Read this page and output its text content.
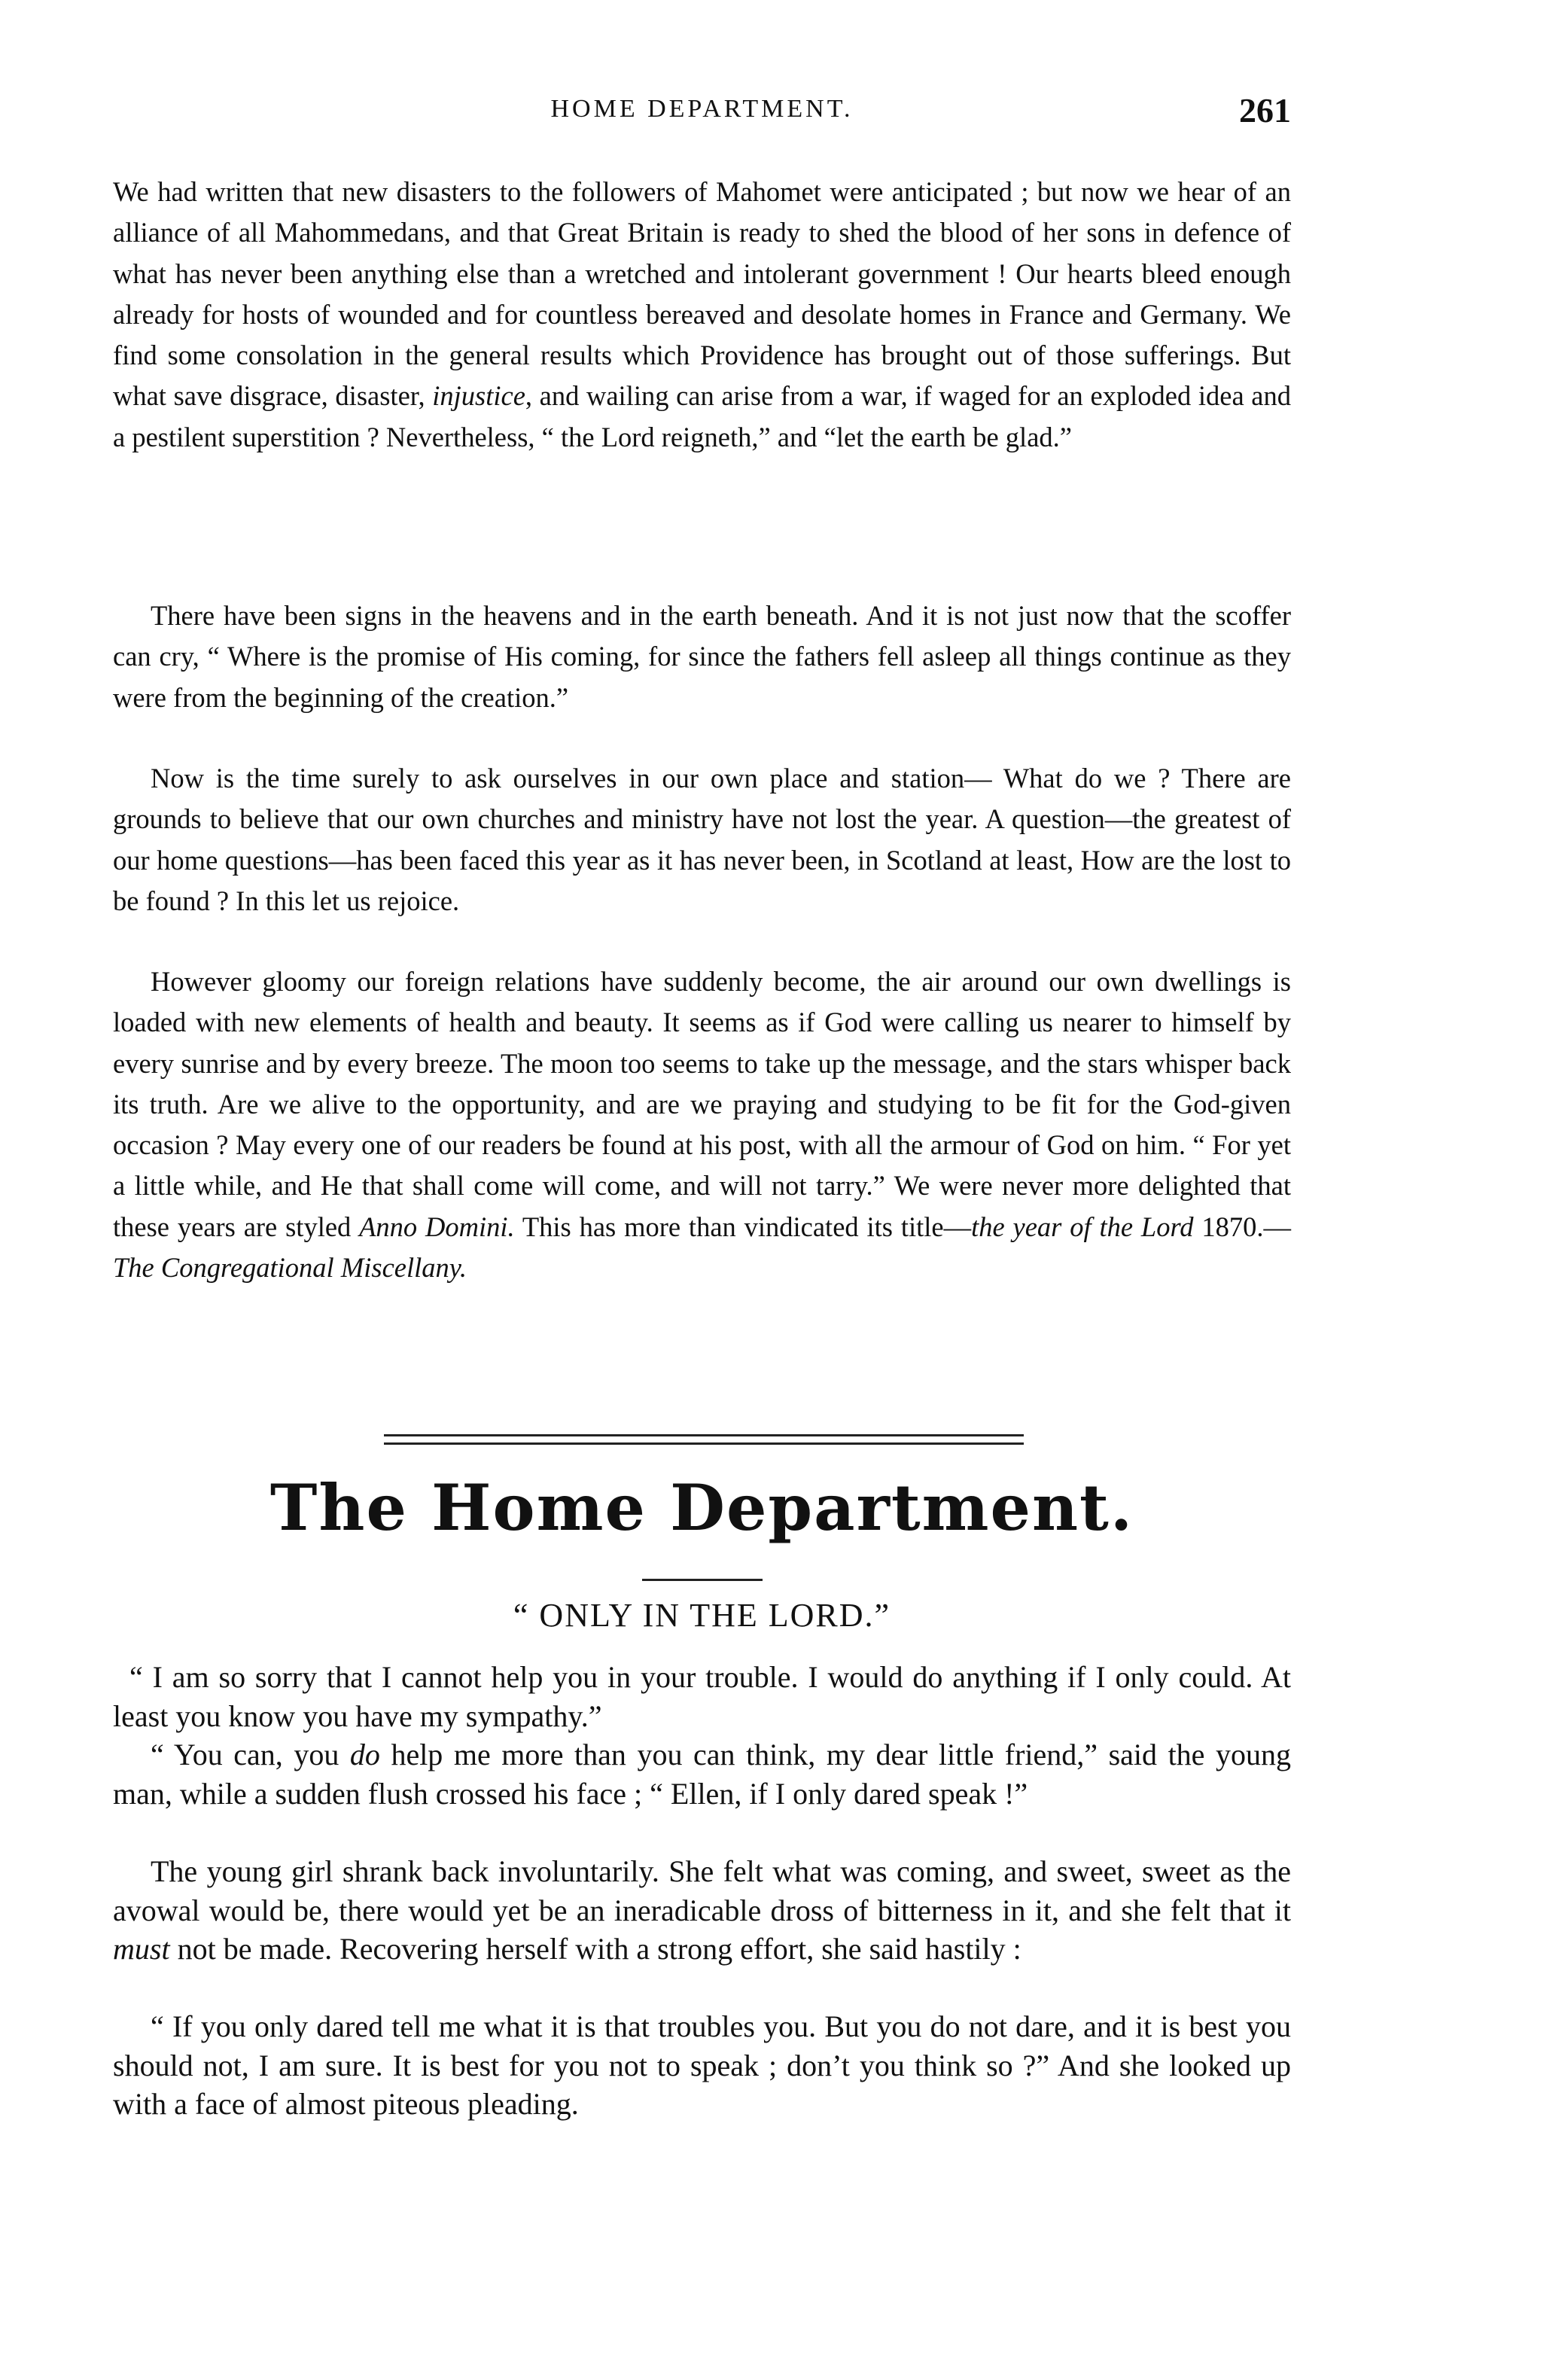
HOME DEPARTMENT.	261

We had written that new disasters to the followers of Mahomet were anticipated ; but now we hear of an alliance of all Mahommedans, and that Great Britain is ready to shed the blood of her sons in defence of what has never been anything else than a wretched and intolerant government ! Our hearts bleed enough already for hosts of wounded and for countless bereaved and desolate homes in France and Germany. We find some consolation in the general results which Providence has brought out of those sufferings. But what save disgrace, disaster, injustice, and wailing can arise from a war, if waged for an exploded idea and a pestilent superstition ? Nevertheless, “ the Lord reigneth,” and “let the earth be glad.”

There have been signs in the heavens and in the earth beneath. And it is not just now that the scoffer can cry, “ Where is the promise of His coming, for since the fathers fell asleep all things continue as they were from the beginning of the creation.”

Now is the time surely to ask ourselves in our own place and station— What do we ? There are grounds to believe that our own churches and ministry have not lost the year. A question—the greatest of our home questions—has been faced this year as it has never been, in Scotland at least, How are the lost to be found ? In this let us rejoice.

However gloomy our foreign relations have suddenly become, the air around our own dwellings is loaded with new elements of health and beauty. It seems as if God were calling us nearer to himself by every sunrise and by every breeze. The moon too seems to take up the message, and the stars whisper back its truth. Are we alive to the opportunity, and are we praying and studying to be fit for the God-given occasion ? May every one of our readers be found at his post, with all the armour of God on him. “ For yet a little while, and He that shall come will come, and will not tarry.” We were never more delighted that these years are styled Anno Domini. This has more than vindicated its title—the year of the Lord 1870.—The Congregational Miscellany.

The Home Department.
“ ONLY IN THE LORD.”

“ I am so sorry that I cannot help you in your trouble. I would do anything if I only could. At least you know you have my sympathy.”

“ You can, you do help me more than you can think, my dear little friend,” said the young man, while a sudden flush crossed his face ; “ Ellen, if I only dared speak !”

The young girl shrank back involuntarily. She felt what was coming, and sweet, sweet as the avowal would be, there would yet be an ineradicable dross of bitterness in it, and she felt that it must not be made. Recovering herself with a strong effort, she said hastily :

“ If you only dared tell me what it is that troubles you. But you do not dare, and it is best you should not, I am sure. It is best for you not to speak ; don’t you think so ?” And she looked up with a face of almost piteous pleading.
